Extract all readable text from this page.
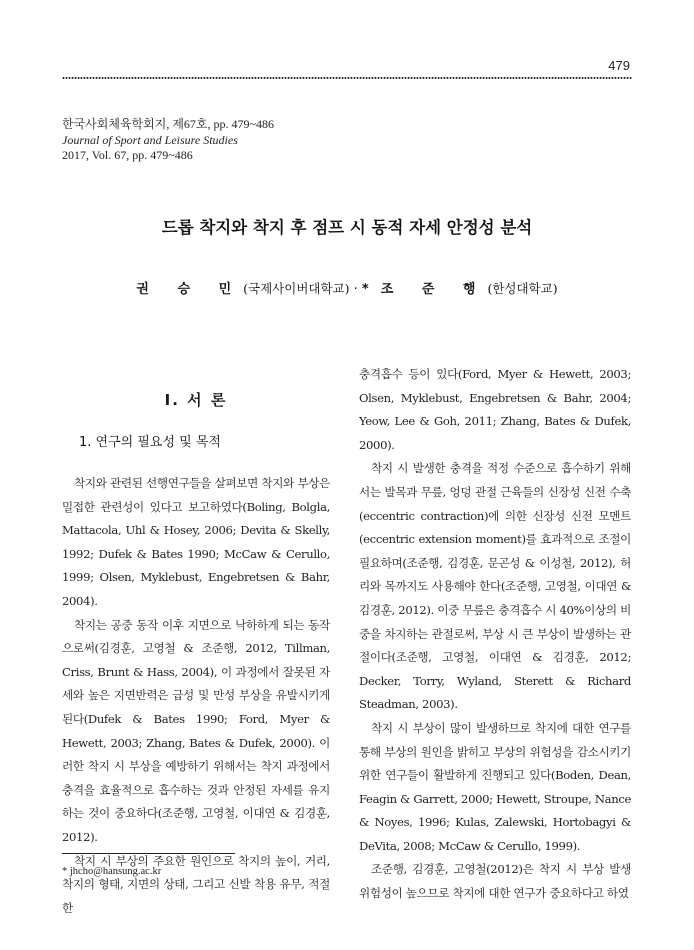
479
한국사회체육학회지, 제67호, pp. 479~486
Journal of Sport and Leisure Studies
2017, Vol. 67, pp. 479~486
드롭 착지와 착지 후 점프 시 동적 자세 안정성 분석
권 승 민(국제사이버대학교) · *조 준 행(한성대학교)
Ⅰ. 서 론
1. 연구의 필요성 및 목적

착지와 관련된 선행연구들을 살펴보면 착지와 부상은 밀접한 관련성이 있다고 보고하였다(Boling, Bolgla, Mattacola, Uhl & Hosey, 2006; Devita & Skelly, 1992; Dufek & Bates 1990; McCaw & Cerullo, 1999; Olsen, Myklebust, Engebretsen & Bahr, 2004).

착지는 공중 동작 이후 지면으로 낙하하게 되는 동작으로써(김경훈, 고영철 & 조준행, 2012, Tillman, Criss, Brunt & Hass, 2004), 이 과정에서 잘못된 자세와 높은 지면반력은 급성 및 만성 부상을 유발시키게 된다(Dufek & Bates 1990; Ford, Myer & Hewett, 2003; Zhang, Bates & Dufek, 2000). 이러한 착지 시 부상을 예방하기 위해서는 착지 과정에서 충격을 효율적으로 흡수하는 것과 안정된 자세를 유지하는 것이 중요하다(조준행, 고영철, 이대연 & 김경훈, 2012).

착지 시 부상의 주요한 원인으로 착지의 높이, 거리, 착지의 형태, 지면의 상태, 그리고 신발 착용 유무, 적절한

충격흡수 등이 있다(Ford, Myer & Hewett, 2003; Olsen, Myklebust, Engebretsen & Bahr, 2004; Yeow, Lee & Goh, 2011; Zhang, Bates & Dufek, 2000).

착지 시 발생한 충격을 적정 수준으로 흡수하기 위해서는 발목과 무릎, 엉덩 관절 근육들의 신장성 신전 수축(eccentric contraction)에 의한 신장성 신전 모멘트(eccentric extension moment)를 효과적으로 조절이 필요하며(조준행, 김경훈, 문곤성 & 이성철, 2012), 허리와 목까지도 사용해야 한다(조준행, 고영철, 이대연 & 김경훈, 2012). 이중 무릎은 충격흡수 시 40%이상의 비중을 차지하는 관절로써, 부상 시 큰 부상이 발생하는 관절이다(조준행, 고영철, 이대연 & 김경훈, 2012; Decker, Torry, Wyland, Sterett & Richard Steadman, 2003).

착지 시 부상이 많이 발생하므로 착지에 대한 연구를 통해 부상의 원인을 밝히고 부상의 위험성을 감소시키기 위한 연구들이 활발하게 진행되고 있다(Boden, Dean, Feagin & Garrett, 2000; Hewett, Stroupe, Nance & Noyes, 1996; Kulas, Zalewski, Hortobagyi & DeVita, 2008; McCaw & Cerullo, 1999).

조준행, 김경훈, 고영철(2012)은 착지 시 부상 발생 위험성이 높으므로 착지에 대한 연구가 중요하다고 하였

* jhcho@hansung.ac.kr
